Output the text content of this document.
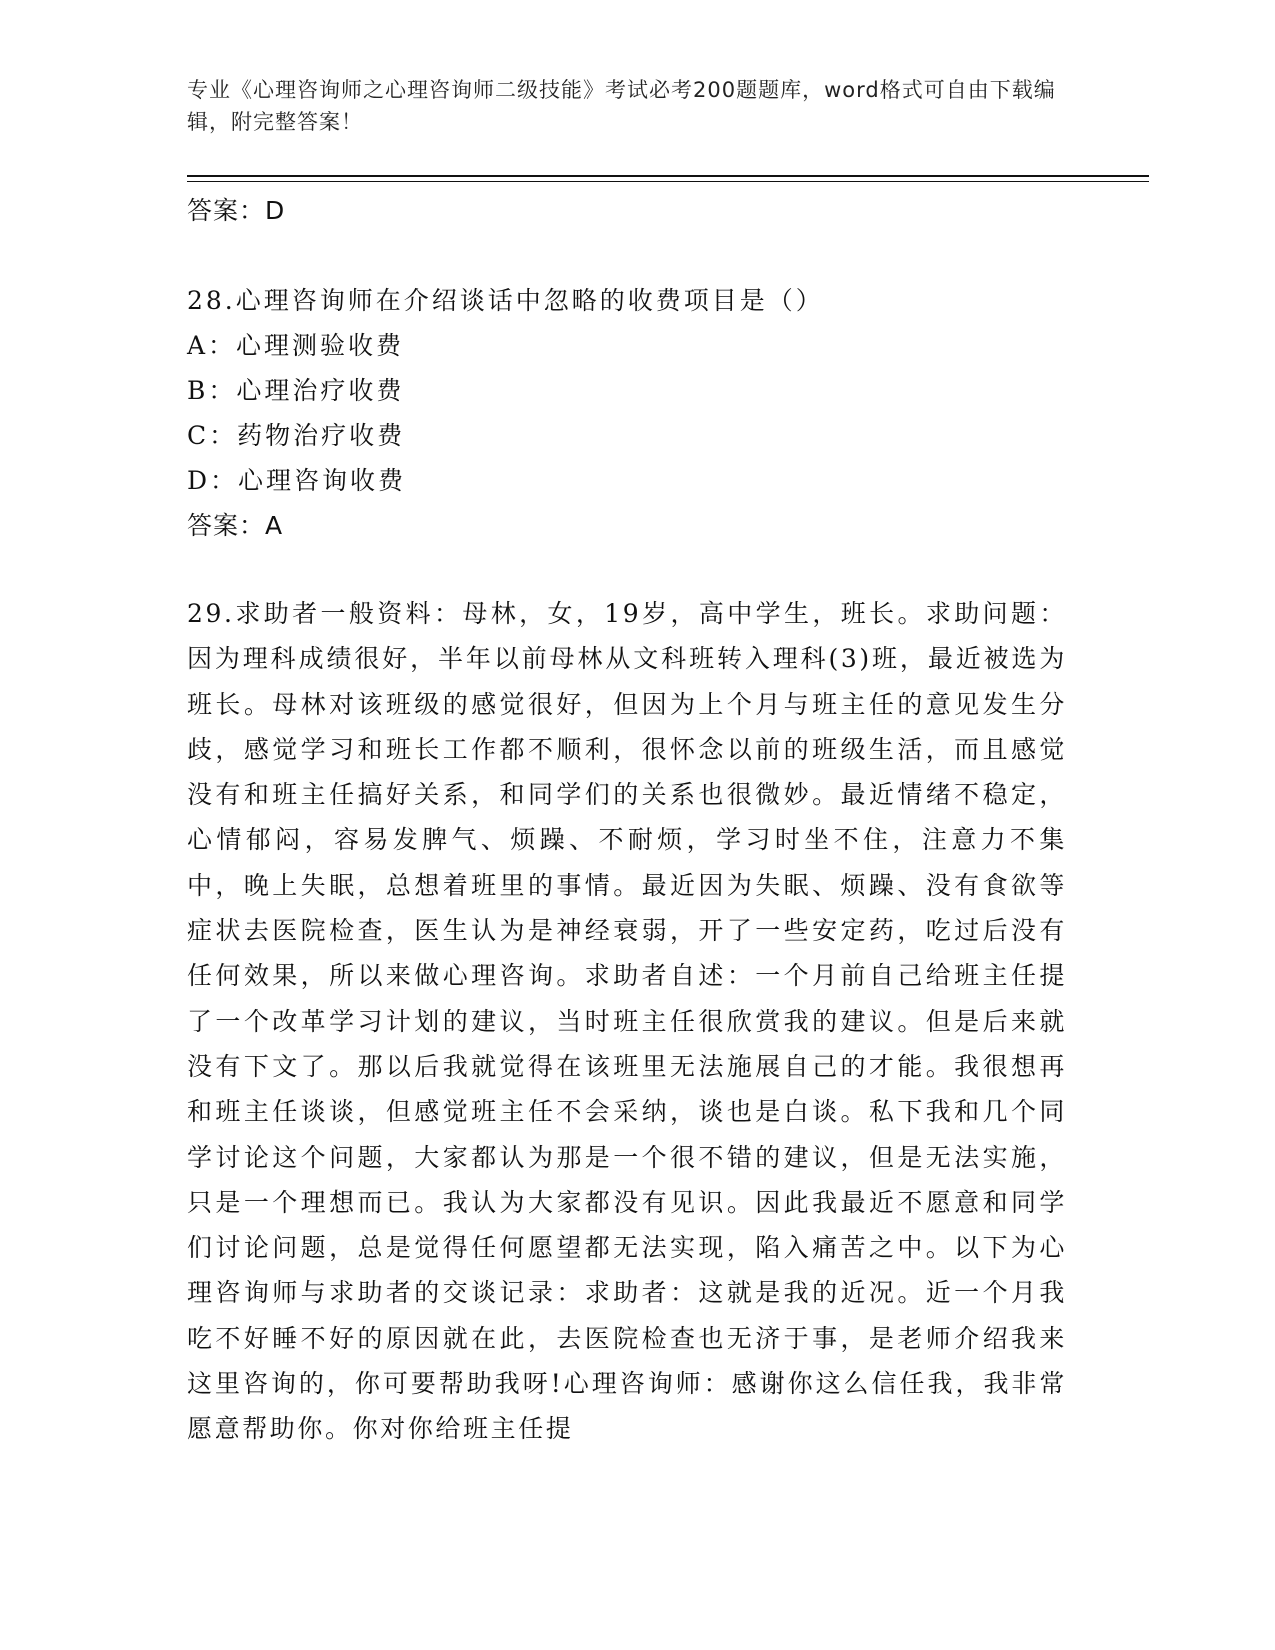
专业《心理咨询师之心理咨询师二级技能》考试必考200题题库，word格式可自由下载编辑，附完整答案！

答案：D

28.心理咨询师在介绍谈话中忽略的收费项目是（）

A：心理测验收费

B：心理治疗收费

C：药物治疗收费

D：心理咨询收费

答案：A

29.求助者一般资料：母林，女，19岁，高中学生，班长。求助问题：因为理科成绩很好，半年以前母林从文科班转入理科(3)班，最近被选为班长。母林对该班级的感觉很好，但因为上个月与班主任的意见发生分歧，感觉学习和班长工作都不顺利，很怀念以前的班级生活，而且感觉没有和班主任搞好关系，和同学们的关系也很微妙。最近情绪不稳定，心情郁闷，容易发脾气、烦躁、不耐烦，学习时坐不住，注意力不集中，晚上失眠，总想着班里的事情。最近因为失眠、烦躁、没有食欲等症状去医院检查，医生认为是神经衰弱，开了一些安定药，吃过后没有任何效果，所以来做心理咨询。求助者自述：一个月前自己给班主任提了一个改革学习计划的建议，当时班主任很欣赏我的建议。但是后来就没有下文了。那以后我就觉得在该班里无法施展自己的才能。我很想再和班主任谈谈，但感觉班主任不会采纳，谈也是白谈。私下我和几个同学讨论这个问题，大家都认为那是一个很不错的建议，但是无法实施，只是一个理想而已。我认为大家都没有见识。因此我最近不愿意和同学们讨论问题，总是觉得任何愿望都无法实现，陷入痛苦之中。以下为心理咨询师与求助者的交谈记录：求助者：这就是我的近况。近一个月我吃不好睡不好的原因就在此，去医院检查也无济于事，是老师介绍我来这里咨询的，你可要帮助我呀!心理咨询师：感谢你这么信任我，我非常愿意帮助你。你对你给班主任提
